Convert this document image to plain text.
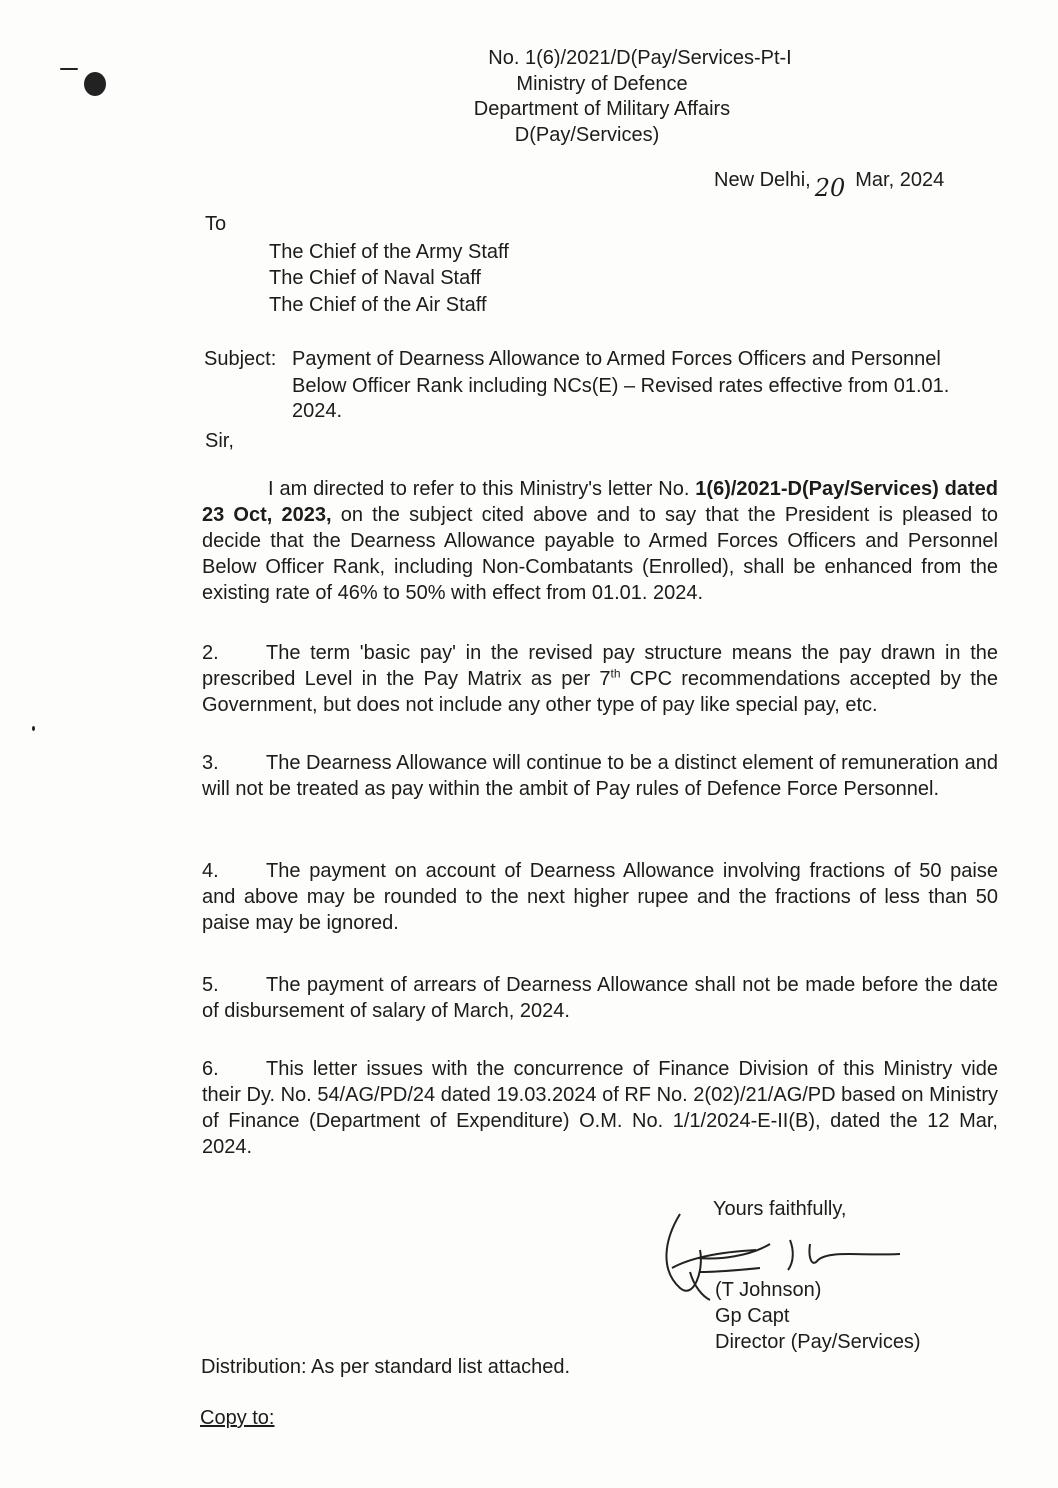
No. 1(6)/2021/D(Pay/Services-Pt-I
Ministry of Defence
Department of Military Affairs
D(Pay/Services)
New Delhi, 20 Mar, 2024
To
The Chief of the Army Staff
The Chief of Naval Staff
The Chief of the Air Staff
Subject: Payment of Dearness Allowance to Armed Forces Officers and Personnel
Below Officer Rank including NCs(E) – Revised rates effective from 01.01.
2024.
Sir,
I am directed to refer to this Ministry's letter No. 1(6)/2021-D(Pay/Services) dated 23 Oct, 2023, on the subject cited above and to say that the President is pleased to decide that the Dearness Allowance payable to Armed Forces Officers and Personnel Below Officer Rank, including Non-Combatants (Enrolled), shall be enhanced from the existing rate of 46% to 50% with effect from 01.01. 2024.
2. The term 'basic pay' in the revised pay structure means the pay drawn in the prescribed Level in the Pay Matrix as per 7th CPC recommendations accepted by the Government, but does not include any other type of pay like special pay, etc.
3. The Dearness Allowance will continue to be a distinct element of remuneration and will not be treated as pay within the ambit of Pay rules of Defence Force Personnel.
4. The payment on account of Dearness Allowance involving fractions of 50 paise and above may be rounded to the next higher rupee and the fractions of less than 50 paise may be ignored.
5. The payment of arrears of Dearness Allowance shall not be made before the date of disbursement of salary of March, 2024.
6. This letter issues with the concurrence of Finance Division of this Ministry vide their Dy. No. 54/AG/PD/24 dated 19.03.2024 of RF No. 2(02)/21/AG/PD based on Ministry of Finance (Department of Expenditure) O.M. No. 1/1/2024-E-II(B), dated the 12 Mar, 2024.
Yours faithfully,
(T Johnson)
Gp Capt
Director (Pay/Services)
Distribution: As per standard list attached.
Copy to:
